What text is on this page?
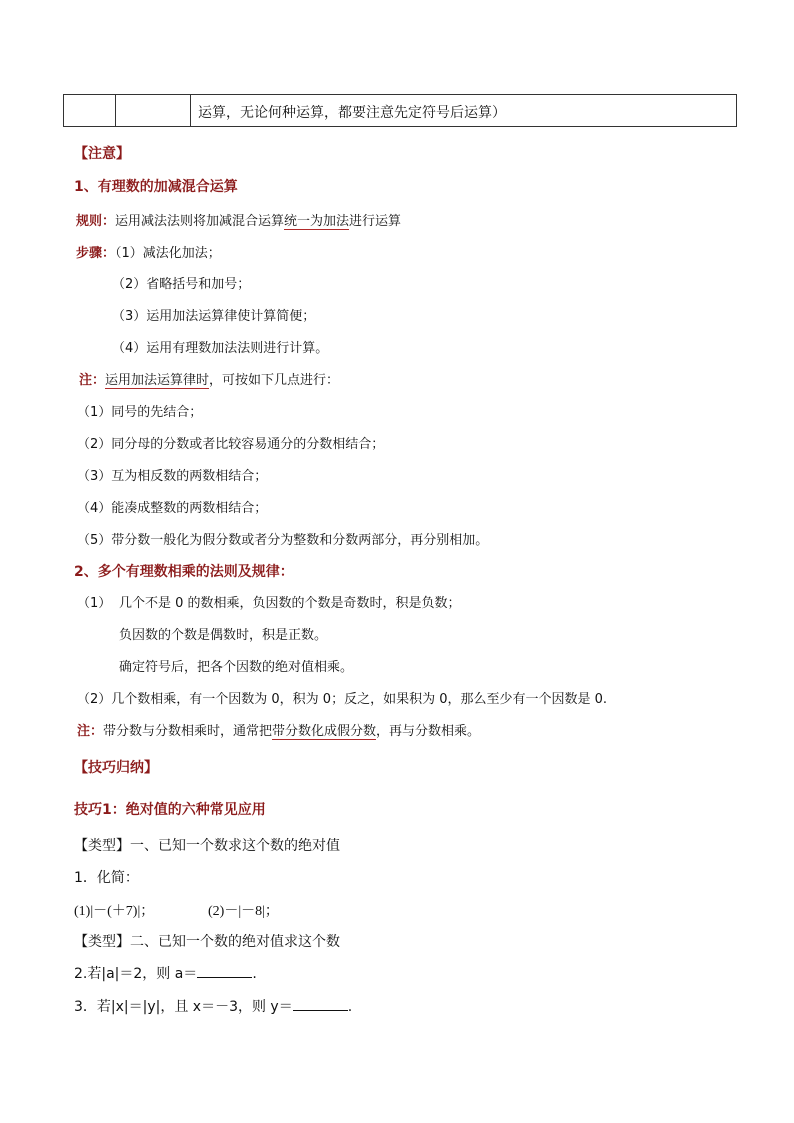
运算，无论何种运算，都要注意先定符号后运算）
【注意】
1、有理数的加减混合运算
规则：运用减法法则将加减混合运算统一为加法进行运算
步骤：（1）减法化加法；
（2）省略括号和加号；
（3）运用加法运算律使计算简便；
（4）运用有理数加法法则进行计算。
注：运用加法运算律时，可按如下几点进行：
（1）同号的先结合；
（2）同分母的分数或者比较容易通分的分数相结合；
（3）互为相反数的两数相结合；
（4）能凑成整数的两数相结合；
（5）带分数一般化为假分数或者分为整数和分数两部分，再分别相加。
2、多个有理数相乘的法则及规律：
（1） 几个不是 0 的数相乘，负因数的个数是奇数时，积是负数；
负因数的个数是偶数时，积是正数。
确定符号后，把各个因数的绝对值相乘。
（2）几个数相乘，有一个因数为 0，积为 0；反之，如果积为 0，那么至少有一个因数是 0.
注：带分数与分数相乘时，通常把带分数化成假分数，再与分数相乘。
【技巧归纳】
技巧1：绝对值的六种常见应用
【类型】一、已知一个数求这个数的绝对值
1．化简：
(1)|－(＋7)|；	(2)－|－8|；
【类型】二、已知一个数的绝对值求这个数
2.若|a|＝2，则 a＝	.
3．若|x|＝|y|，且 x＝－3，则 y＝	.
